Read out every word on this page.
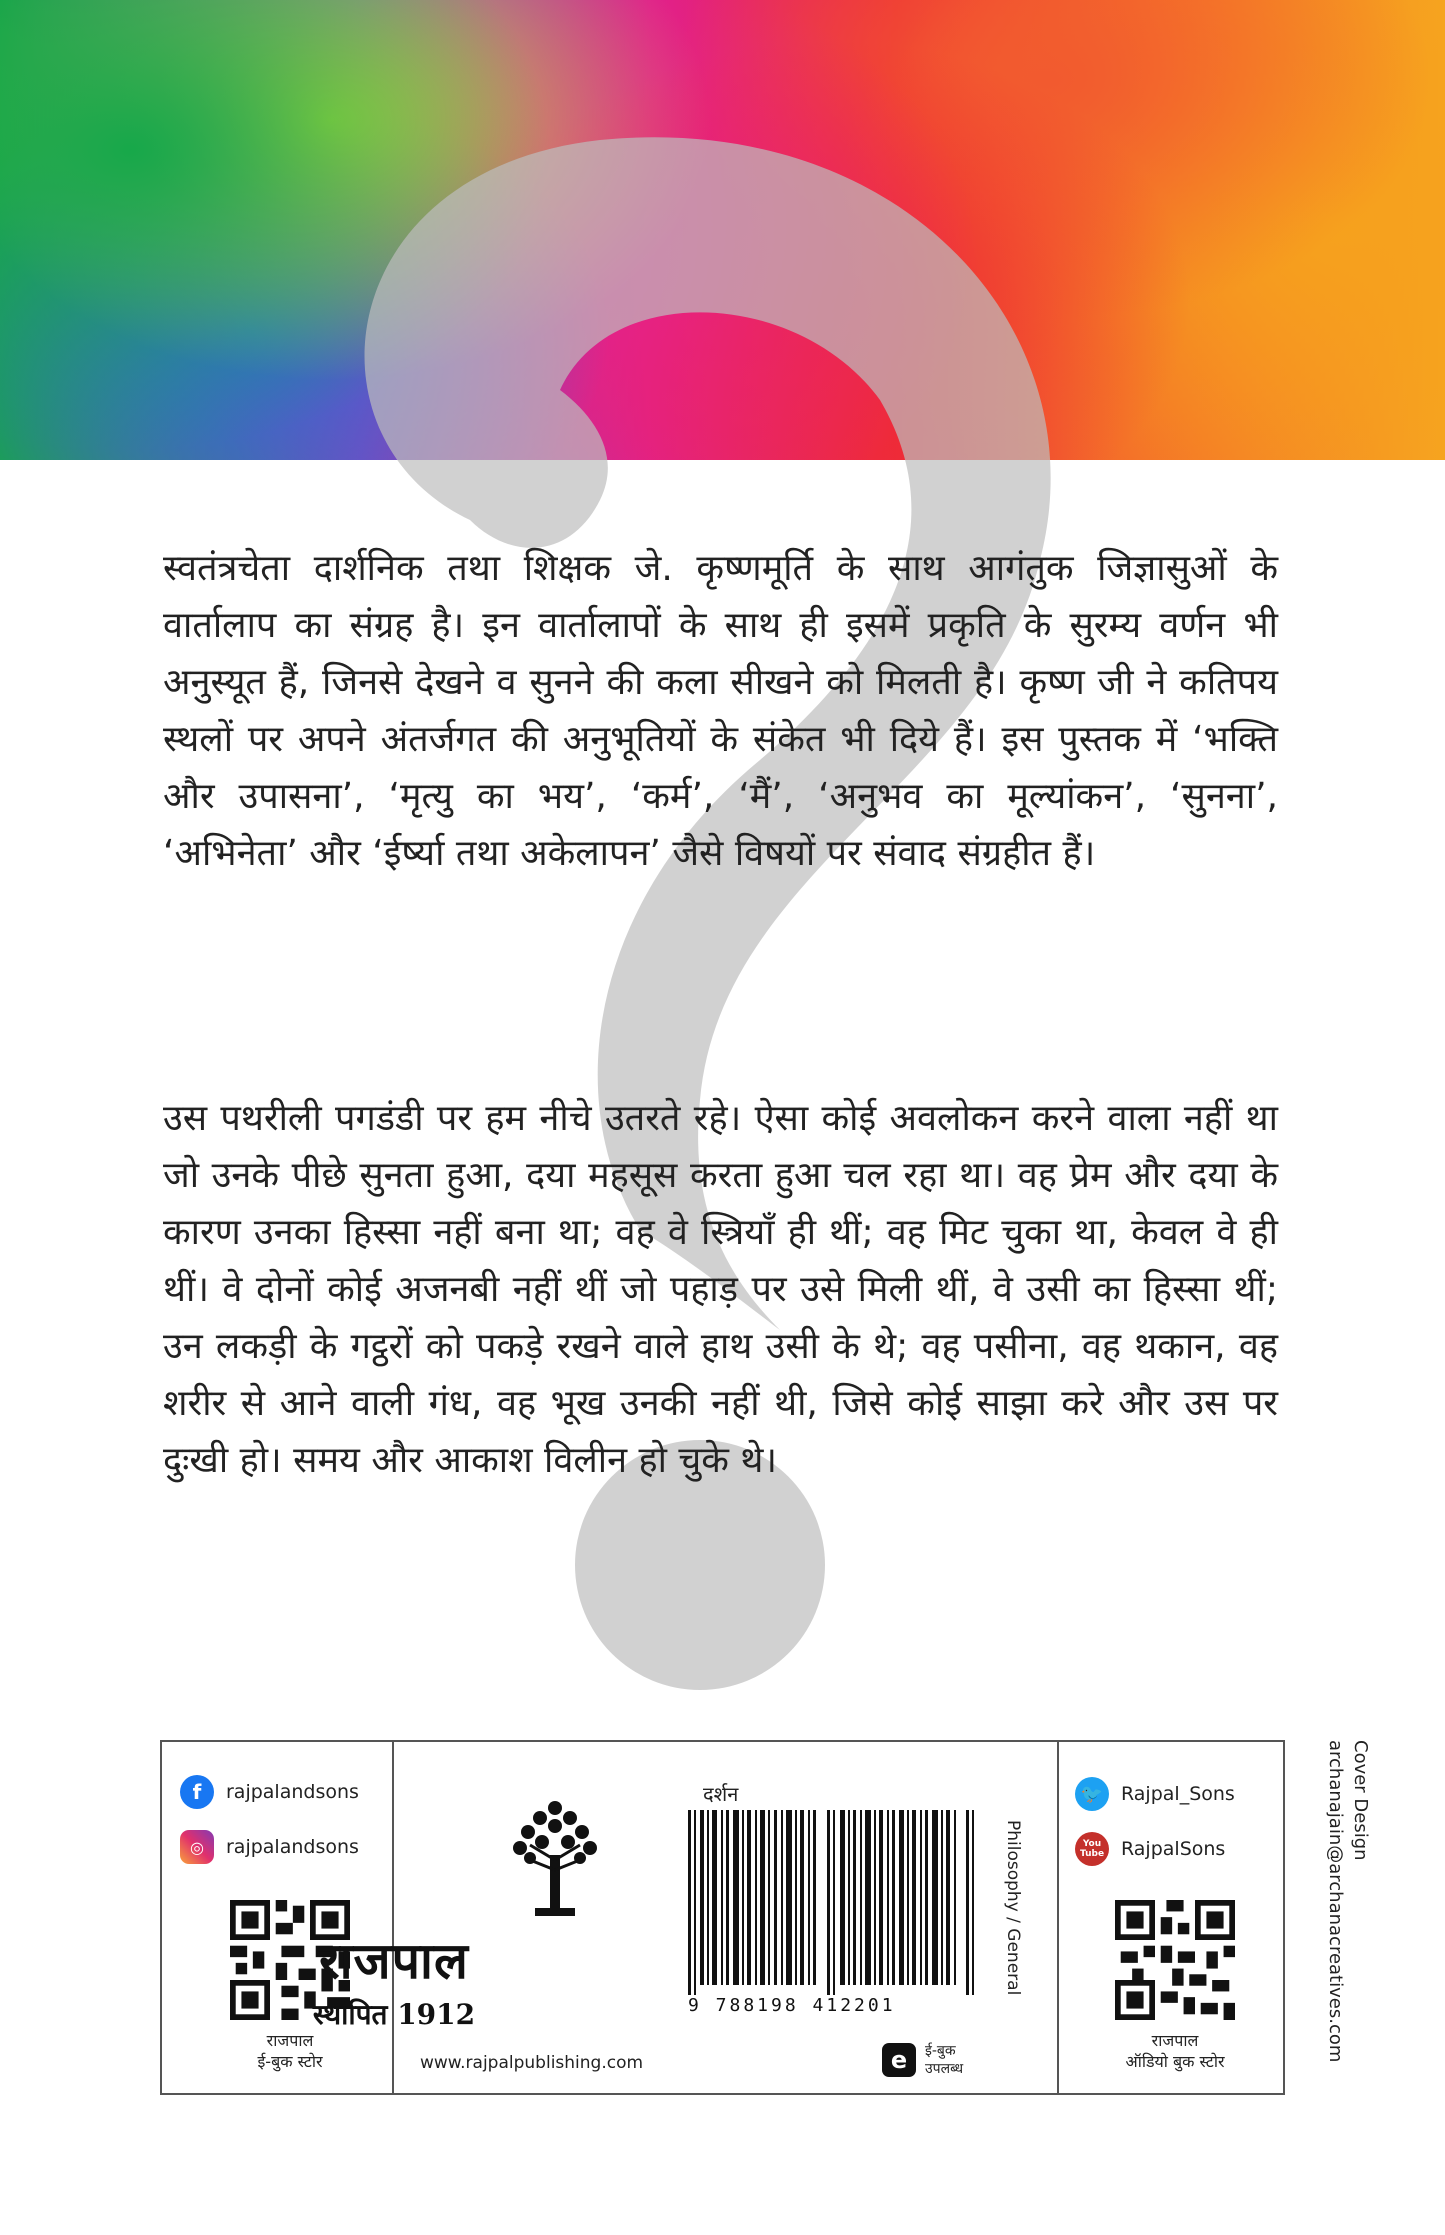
स्वतंत्रचेता दार्शनिक तथा शिक्षक जे. कृष्णमूर्ति के साथ आगंतुक जिज्ञासुओं के वार्तालाप का संग्रह है। इन वार्तालापों के साथ ही इसमें प्रकृति के सुरम्य वर्णन भी अनुस्यूत हैं, जिनसे देखने व सुनने की कला सीखने को मिलती है। कृष्ण जी ने कतिपय स्थलों पर अपने अंतर्जगत की अनुभूतियों के संकेत भी दिये हैं। इस पुस्तक में ‘भक्ति और उपासना’, ‘मृत्यु का भय’, ‘कर्म’, ‘मैं’, ‘अनुभव का मूल्यांकन’, ‘सुनना’, ‘अभिनेता’ और ‘ईर्ष्या तथा अकेलापन’ जैसे विषयों पर संवाद संग्रहीत हैं।

उस पथरीली पगडंडी पर हम नीचे उतरते रहे। ऐसा कोई अवलोकन करने वाला नहीं था जो उनके पीछे सुनता हुआ, दया महसूस करता हुआ चल रहा था। वह प्रेम और दया के कारण उनका हिस्सा नहीं बना था; वह वे स्त्रियाँ ही थीं; वह मिट चुका था, केवल वे ही थीं। वे दोनों कोई अजनबी नहीं थीं जो पहाड़ पर उसे मिली थीं, वे उसी का हिस्सा थीं; उन लकड़ी के गट्ठरों को पकड़े रखने वाले हाथ उसी के थे; वह पसीना, वह थकान, वह शरीर से आने वाली गंध, वह भूख उनकी नहीं थी, जिसे कोई साझा करे और उस पर दुःखी हो। समय और आकाश विलीन हो चुके थे।

f	rajpalandsons
◎	rajpalandsons
राजपाल
ई-बुक स्टोर
राजपाल
स्थापित 1912
www.rajpalpublishing.com
दर्शन
9 788198 412201
Philosophy / General
e ई-बुक
उपलब्ध
🐦 Rajpal_Sons
You Tube RajpalSons
राजपाल
ऑडियो बुक स्टोर
Cover Design
archanajain@archanacreatives.com
